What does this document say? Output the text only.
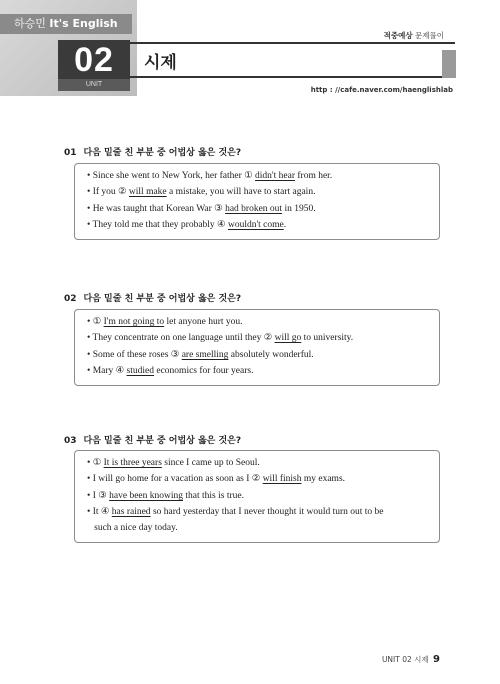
하승민 It's English
02
UNIT
시제
적중예상 문제풀이
http : //cafe.naver.com/haenglishlab
01 다음 밑줄 친 부분 중 어법상 옳은 것은?
• Since she went to New York, her father ① didn't hear from her.
• If you ② will make a mistake, you will have to start again.
• He was taught that Korean War ③ had broken out in 1950.
• They told me that they probably ④ wouldn't come.
02 다음 밑줄 친 부분 중 어법상 옳은 것은?
• ① I'm not going to let anyone hurt you.
• They concentrate on one language until they ② will go to university.
• Some of these roses ③ are smelling absolutely wonderful.
• Mary ④ studied economics for four years.
03 다음 밑줄 친 부분 중 어법상 옳은 것은?
• ① It is three years since I came up to Seoul.
• I will go home for a vacation as soon as I ② will finish my exams.
• I ③ have been knowing that this is true.
• It ④ has rained so hard yesterday that I never thought it would turn out to be
such a nice day today.
UNIT 02 시제 9
